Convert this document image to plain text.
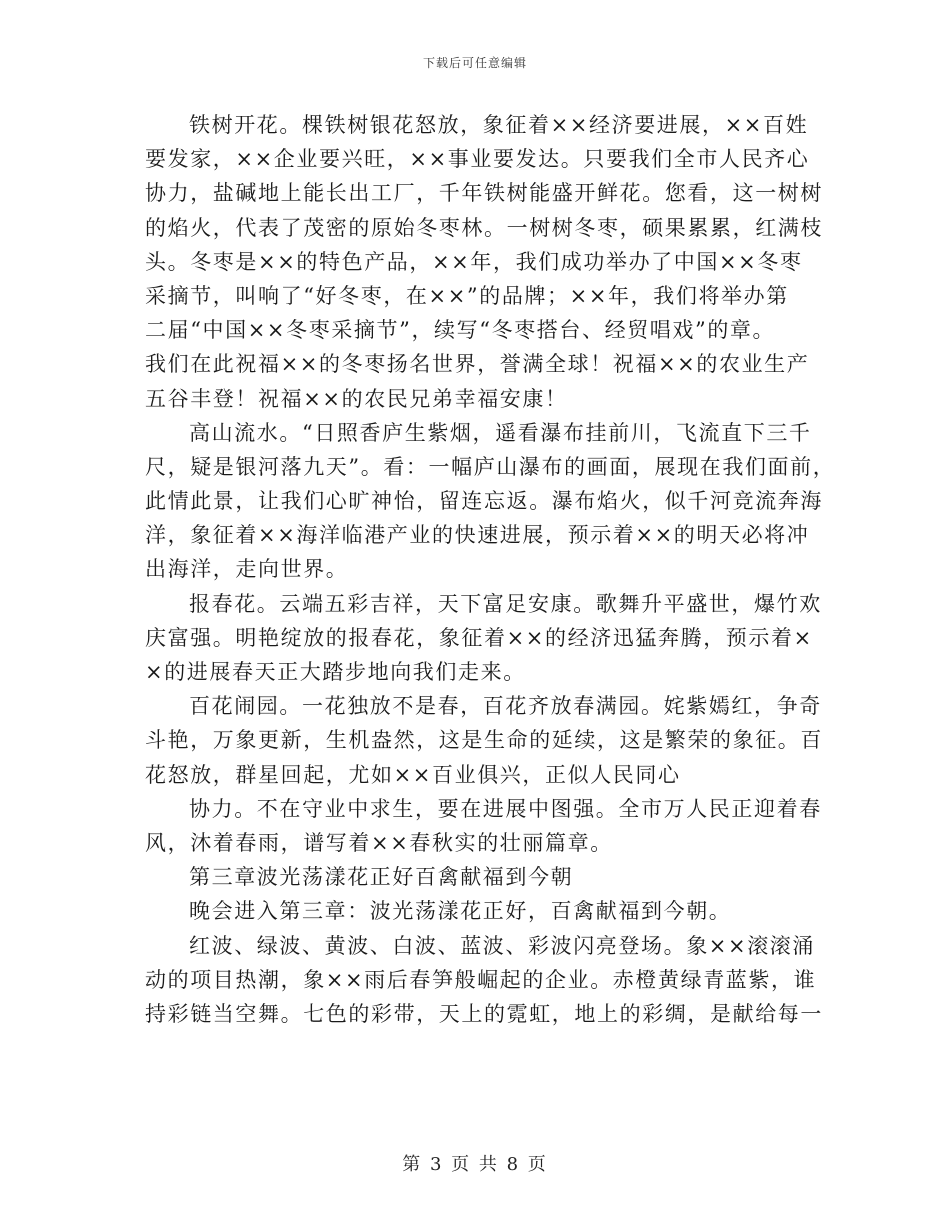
下载后可任意编辑
铁树开花。棵铁树银花怒放，象征着××经济要进展，××百姓
要发家，××企业要兴旺，××事业要发达。只要我们全市人民齐心
协力，盐碱地上能长出工厂，千年铁树能盛开鲜花。您看，这一树树
的焰火，代表了茂密的原始冬枣林。一树树冬枣，硕果累累，红满枝
头。冬枣是××的特色产品，××年，我们成功举办了中国××冬枣
采摘节，叫响了“好冬枣，在××”的品牌；××年，我们将举办第
二届“中国××冬枣采摘节”，续写“冬枣搭台、经贸唱戏”的章。
我们在此祝福××的冬枣扬名世界，誉满全球！祝福××的农业生产
五谷丰登！祝福××的农民兄弟幸福安康！
高山流水。“日照香庐生紫烟，遥看瀑布挂前川，飞流直下三千
尺，疑是银河落九天”。看：一幅庐山瀑布的画面，展现在我们面前，
此情此景，让我们心旷神怡，留连忘返。瀑布焰火，似千河竞流奔海
洋，象征着××海洋临港产业的快速进展，预示着××的明天必将冲
出海洋，走向世界。
报春花。云端五彩吉祥，天下富足安康。歌舞升平盛世，爆竹欢
庆富强。明艳绽放的报春花，象征着××的经济迅猛奔腾，预示着×
×的进展春天正大踏步地向我们走来。
百花闹园。一花独放不是春，百花齐放春满园。姹紫嫣红，争奇
斗艳，万象更新，生机盎然，这是生命的延续，这是繁荣的象征。百
花怒放，群星回起，尤如××百业俱兴，正似人民同心
协力。不在守业中求生，要在进展中图强。全市万人民正迎着春
风，沐着春雨，谱写着××春秋实的壮丽篇章。
第三章波光荡漾花正好百禽献福到今朝
晚会进入第三章：波光荡漾花正好，百禽献福到今朝。
红波、绿波、黄波、白波、蓝波、彩波闪亮登场。象××滚滚涌
动的项目热潮，象××雨后春笋般崛起的企业。赤橙黄绿青蓝紫，谁
持彩链当空舞。七色的彩带，天上的霓虹，地上的彩绸，是献给每一
第 3 页 共 8 页
